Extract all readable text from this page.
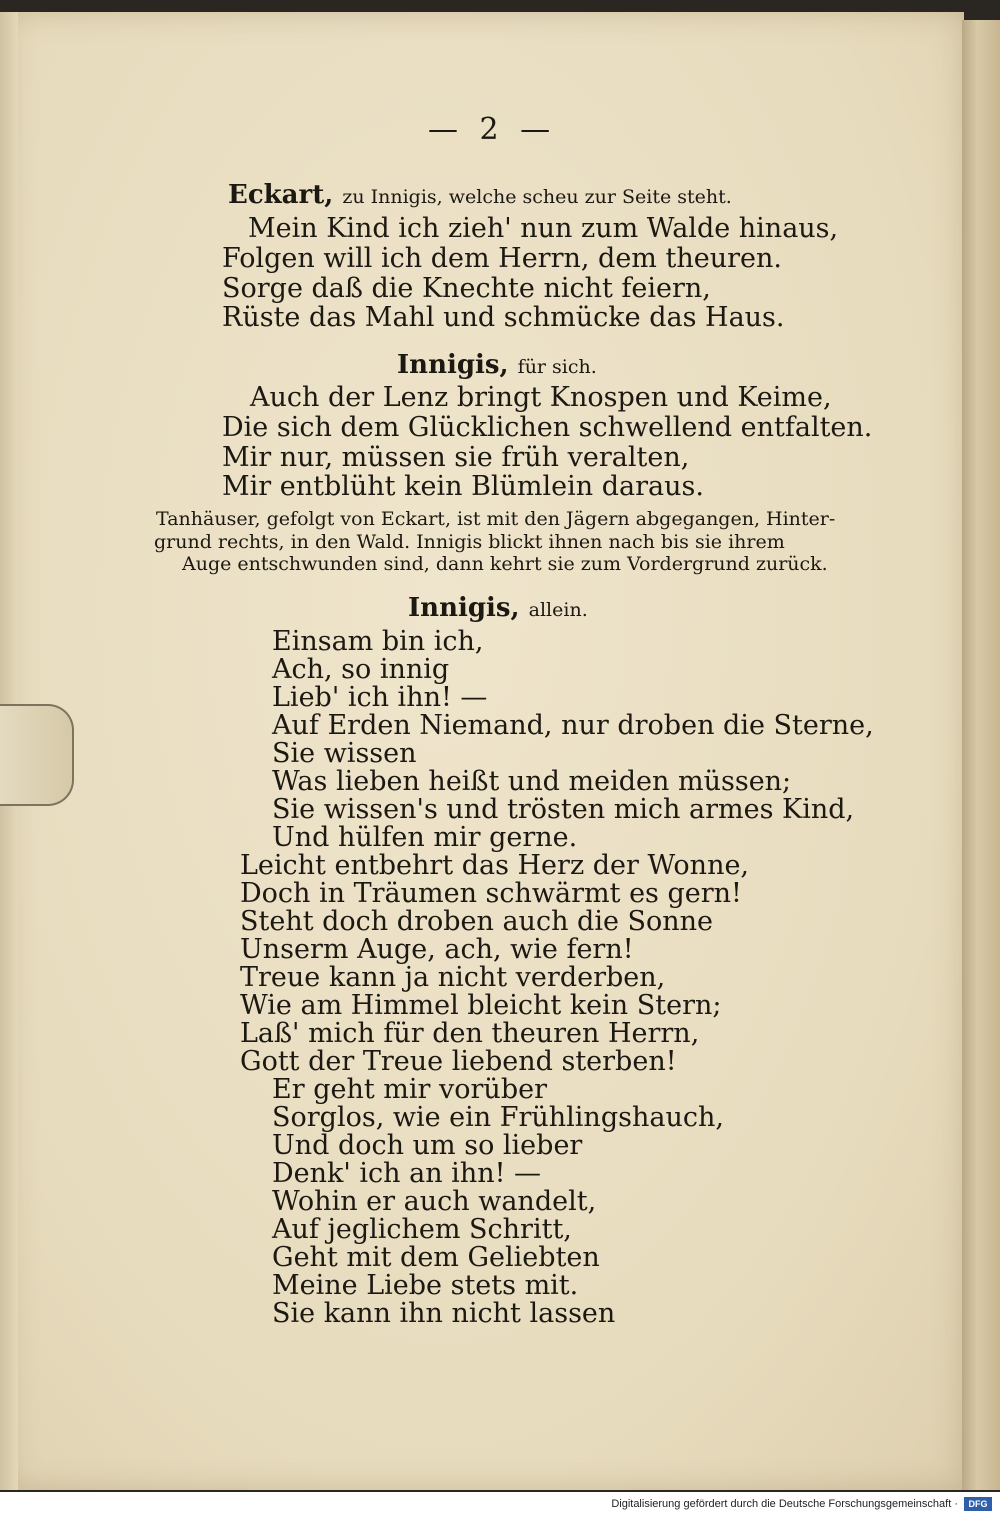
— 2 —
Eckart, zu Innigis, welche scheu zur Seite steht.
Mein Kind ich zieh' nun zum Walde hinaus,
Folgen will ich dem Herrn, dem theuren.
Sorge daß die Knechte nicht feiern,
Rüste das Mahl und schmücke das Haus.
Innigis, für sich.
Auch der Lenz bringt Knospen und Keime,
Die sich dem Glücklichen schwellend entfalten.
Mir nur, müssen sie früh veralten,
Mir entblüht kein Blümlein daraus.
Tanhäuser, gefolgt von Eckart, ist mit den Jägern abgegangen, Hinter-
grund rechts, in den Wald. Innigis blickt ihnen nach bis sie ihrem
Auge entschwunden sind, dann kehrt sie zum Vordergrund zurück.
Innigis, allein.
Einsam bin ich,
Ach, so innig
Lieb' ich ihn! —
Auf Erden Niemand, nur droben die Sterne,
Sie wissen
Was lieben heißt und meiden müssen;
Sie wissen's und trösten mich armes Kind,
Und hülfen mir gerne.
Leicht entbehrt das Herz der Wonne,
Doch in Träumen schwärmt es gern!
Steht doch droben auch die Sonne
Unserm Auge, ach, wie fern!
Treue kann ja nicht verderben,
Wie am Himmel bleicht kein Stern;
Laß' mich für den theuren Herrn,
Gott der Treue liebend sterben!
Er geht mir vorüber
Sorglos, wie ein Frühlingshauch,
Und doch um so lieber
Denk' ich an ihn! —
Wohin er auch wandelt,
Auf jeglichem Schritt,
Geht mit dem Geliebten
Meine Liebe stets mit.
Sie kann ihn nicht lassen
Digitalisierung gefördert durch die Deutsche Forschungsgemeinschaft ·	DFG
